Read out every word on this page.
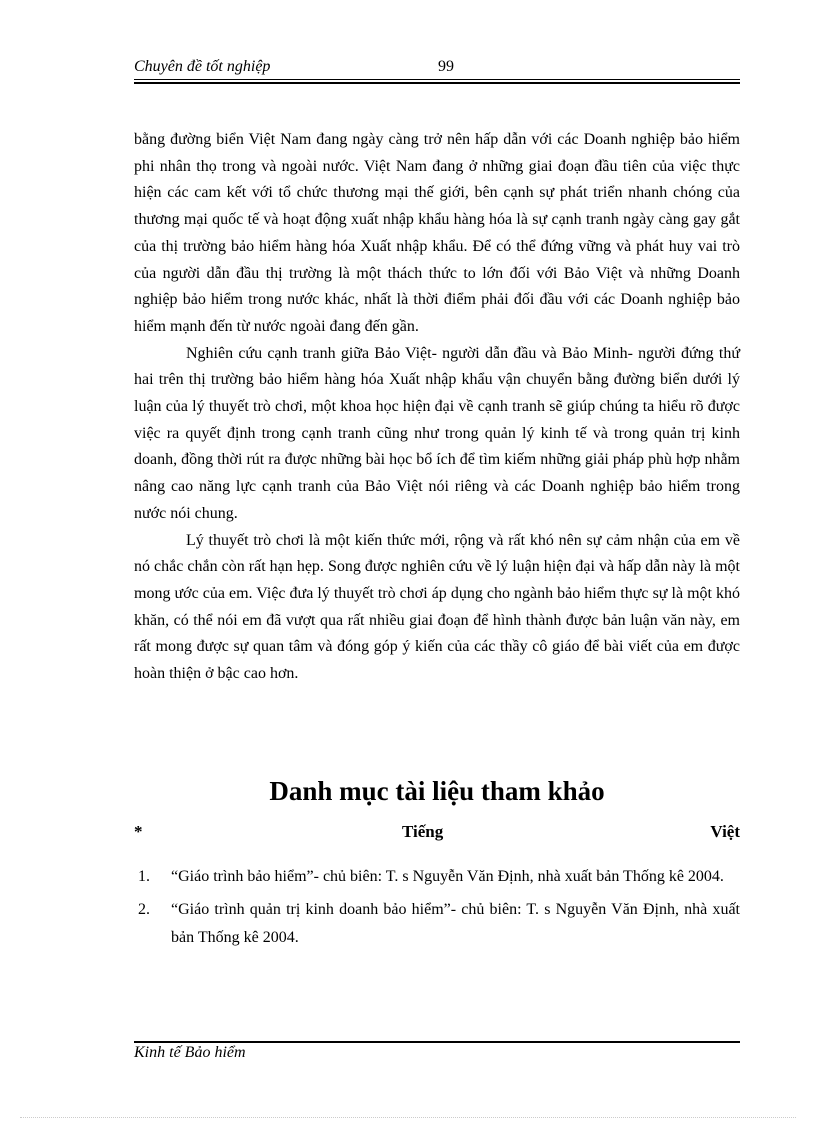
Chuyên đề tốt nghiệp	99

bằng đường biển Việt Nam đang ngày càng trở nên hấp dẫn với các Doanh nghiệp bảo hiểm phi nhân thọ trong và ngoài nước. Việt Nam đang ở những giai đoạn đầu tiên của việc thực hiện các cam kết với tổ chức thương mại thế giới, bên cạnh sự phát triển nhanh chóng của thương mại quốc tế và hoạt động xuất nhập khẩu hàng hóa là sự cạnh tranh ngày càng gay gắt của thị trường bảo hiểm hàng hóa Xuất nhập khẩu. Để có thể đứng vững và phát huy vai trò của người dẫn đầu thị trường là một thách thức to lớn đối với Bảo Việt và những Doanh nghiệp bảo hiểm trong nước khác, nhất là thời điểm phải đối đầu với các Doanh nghiệp bảo hiểm mạnh đến từ nước ngoài đang đến gần.

Nghiên cứu cạnh tranh giữa Bảo Việt- người dẫn đầu và Bảo Minh- người đứng thứ hai trên thị trường bảo hiểm hàng hóa Xuất nhập khẩu vận chuyển bằng đường biển dưới lý luận của lý thuyết trò chơi, một khoa học hiện đại về cạnh tranh sẽ giúp chúng ta hiểu rõ được việc ra quyết định trong cạnh tranh cũng như trong quản lý kinh tế và trong quản trị kinh doanh, đồng thời rút ra được những bài học bổ ích để tìm kiếm những giải pháp phù hợp nhằm nâng cao năng lực cạnh tranh của Bảo Việt nói riêng và các Doanh nghiệp bảo hiểm trong nước nói chung.

Lý thuyết trò chơi là một kiến thức mới, rộng và rất khó nên sự cảm nhận của em về nó chắc chắn còn rất hạn hẹp. Song được nghiên cứu về lý luận hiện đại và hấp dẫn này là một mong ước của em. Việc đưa lý thuyết trò chơi áp dụng cho ngành bảo hiểm thực sự là một khó khăn, có thể nói em đã vượt qua rất nhiều giai đoạn để hình thành được bản luận văn này, em rất mong được sự quan tâm và đóng góp ý kiến của các thầy cô giáo để bài viết của em được hoàn thiện ở bậc cao hơn.

Danh mục tài liệu tham khảo
*	Tiếng	Việt

1. “Giáo trình bảo hiểm”- chủ biên: T. s Nguyễn Văn Định, nhà xuất bản Thống kê 2004.

2. “Giáo trình quản trị kinh doanh bảo hiểm”- chủ biên: T. s Nguyễn Văn Định, nhà xuất bản Thống kê 2004.

Kinh tế Bảo hiểm
